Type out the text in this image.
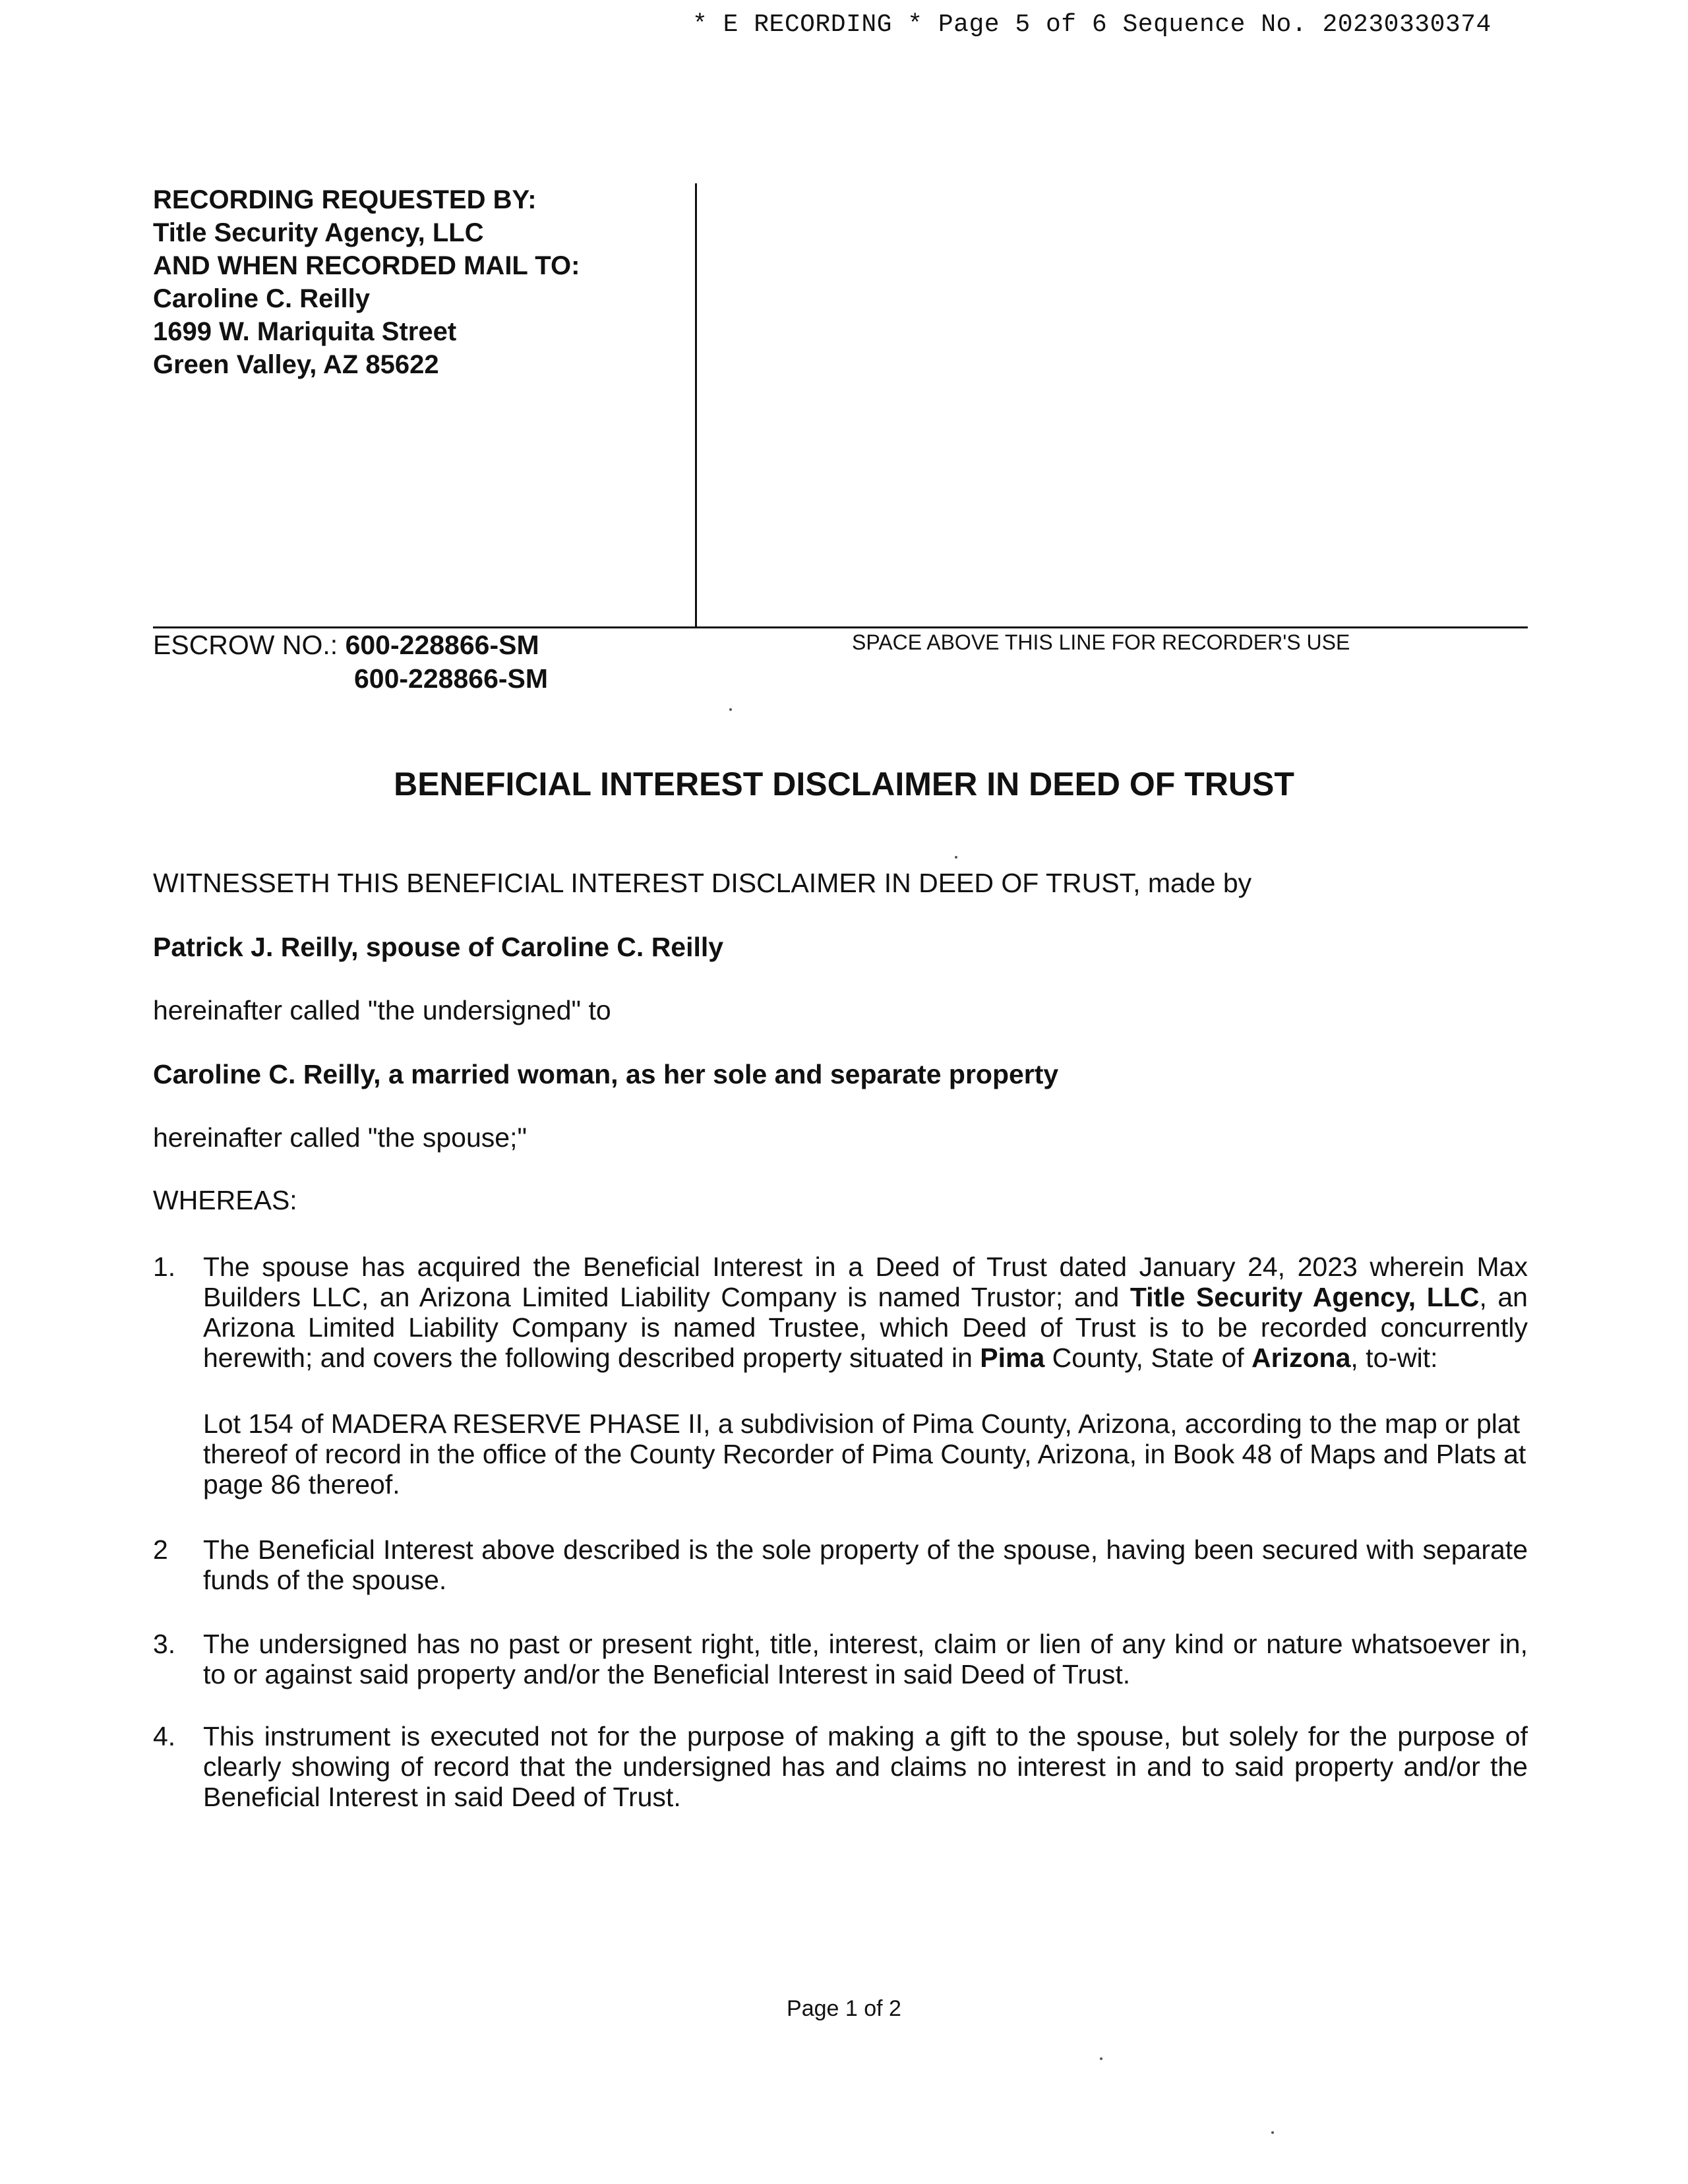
* E RECORDING * Page 5 of 6 Sequence No. 20230330374
RECORDING REQUESTED BY:
Title Security Agency, LLC
AND WHEN RECORDED MAIL TO:
Caroline C. Reilly
1699 W. Mariquita Street
Green Valley, AZ 85622
ESCROW NO.: 600-228866-SM
600-228866-SM
SPACE ABOVE THIS LINE FOR RECORDER'S USE
BENEFICIAL INTEREST DISCLAIMER IN DEED OF TRUST
WITNESSETH THIS BENEFICIAL INTEREST DISCLAIMER IN DEED OF TRUST, made by
Patrick J. Reilly, spouse of Caroline C. Reilly
hereinafter called "the undersigned" to
Caroline C. Reilly, a married woman, as her sole and separate property
hereinafter called "the spouse;"
WHEREAS:
1. The spouse has acquired the Beneficial Interest in a Deed of Trust dated January 24, 2023 wherein Max Builders LLC, an Arizona Limited Liability Company is named Trustor; and Title Security Agency, LLC, an Arizona Limited Liability Company is named Trustee, which Deed of Trust is to be recorded concurrently herewith; and covers the following described property situated in Pima County, State of Arizona, to-wit:
Lot 154 of MADERA RESERVE PHASE II, a subdivision of Pima County, Arizona, according to the map or plat thereof of record in the office of the County Recorder of Pima County, Arizona, in Book 48 of Maps and Plats at page 86 thereof.
2 The Beneficial Interest above described is the sole property of the spouse, having been secured with separate funds of the spouse.
3. The undersigned has no past or present right, title, interest, claim or lien of any kind or nature whatsoever in, to or against said property and/or the Beneficial Interest in said Deed of Trust.
4. This instrument is executed not for the purpose of making a gift to the spouse, but solely for the purpose of clearly showing of record that the undersigned has and claims no interest in and to said property and/or the Beneficial Interest in said Deed of Trust.
Page 1 of 2
